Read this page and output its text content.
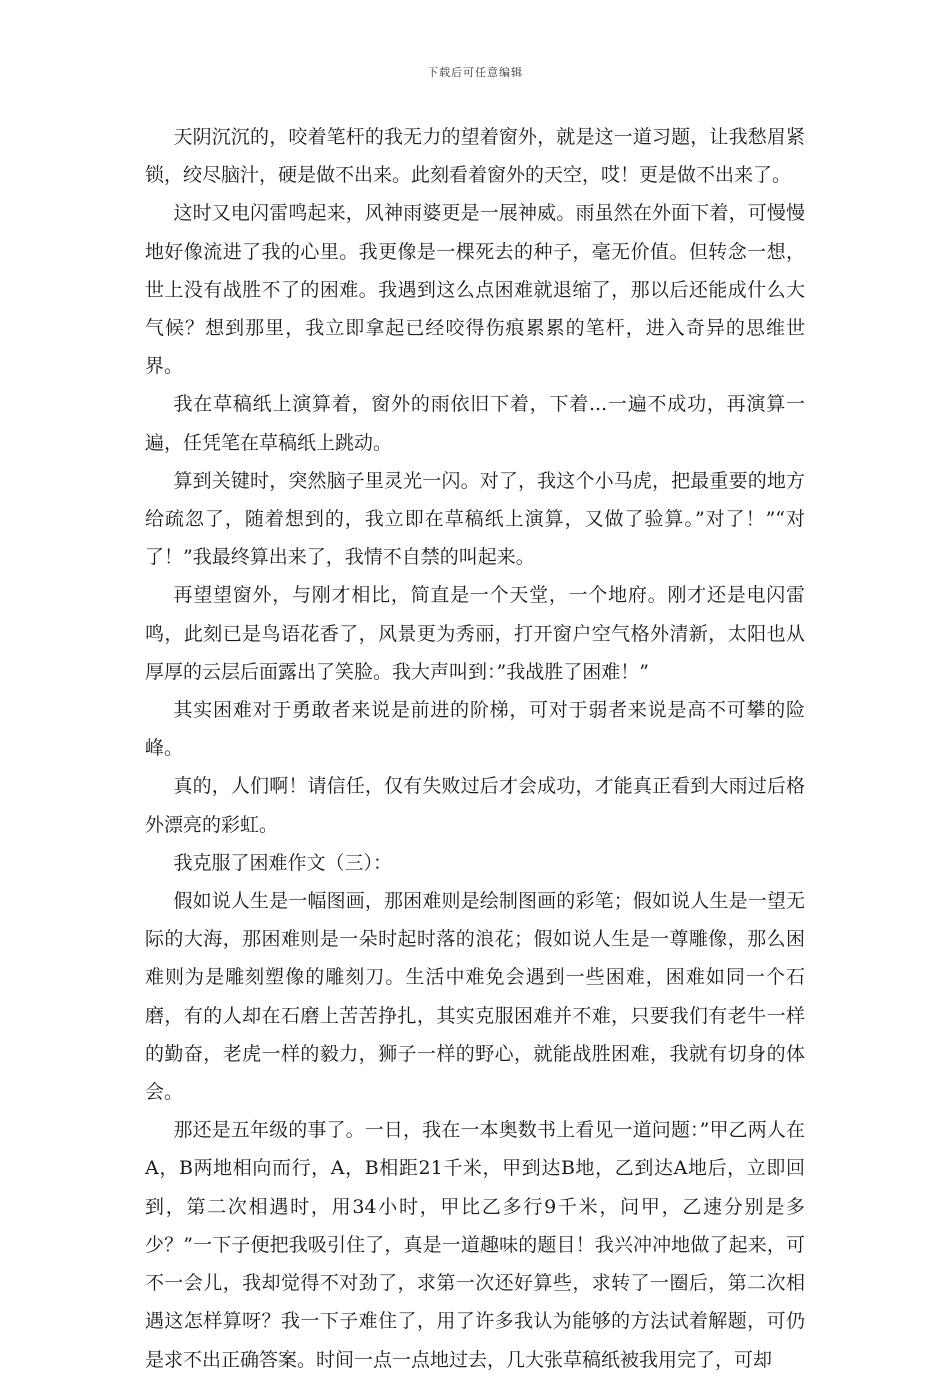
下载后可任意编辑

天阴沉沉的，咬着笔杆的我无力的望着窗外，就是这一道习题，让我愁眉紧锁，绞尽脑汁，硬是做不出来。此刻看着窗外的天空，哎！更是做不出来了。

这时又电闪雷鸣起来，风神雨婆更是一展神威。雨虽然在外面下着，可慢慢地好像流进了我的心里。我更像是一棵死去的种子，毫无价值。但转念一想，世上没有战胜不了的困难。我遇到这么点困难就退缩了，那以后还能成什么大气候？想到那里，我立即拿起已经咬得伤痕累累的笔杆，进入奇异的思维世界。

我在草稿纸上演算着，窗外的雨依旧下着，下着...一遍不成功，再演算一遍，任凭笔在草稿纸上跳动。

算到关键时，突然脑子里灵光一闪。对了，我这个小马虎，把最重要的地方给疏忽了，随着想到的，我立即在草稿纸上演算，又做了验算。”对了！”“对了！”我最终算出来了，我情不自禁的叫起来。

再望望窗外，与刚才相比，简直是一个天堂，一个地府。刚才还是电闪雷鸣，此刻已是鸟语花香了，风景更为秀丽，打开窗户空气格外清新，太阳也从厚厚的云层后面露出了笑脸。我大声叫到：”我战胜了困难！”

其实困难对于勇敢者来说是前进的阶梯，可对于弱者来说是高不可攀的险峰。

真的，人们啊！请信任，仅有失败过后才会成功，才能真正看到大雨过后格外漂亮的彩虹。

我克服了困难作文（三）：

假如说人生是一幅图画，那困难则是绘制图画的彩笔；假如说人生是一望无际的大海，那困难则是一朵时起时落的浪花；假如说人生是一尊雕像，那么困难则为是雕刻塑像的雕刻刀。生活中难免会遇到一些困难，困难如同一个石磨，有的人却在石磨上苦苦挣扎，其实克服困难并不难，只要我们有老牛一样的勤奋，老虎一样的毅力，狮子一样的野心，就能战胜困难，我就有切身的体会。

那还是五年级的事了。一日，我在一本奥数书上看见一道问题：”甲乙两人在A，B两地相向而行，A，B相距21千米，甲到达B地，乙到达A地后，立即回到，第二次相遇时，用34小时，甲比乙多行9千米，问甲，乙速分别是多少？”一下子便把我吸引住了，真是一道趣味的题目！我兴冲冲地做了起来，可不一会儿，我却觉得不对劲了，求第一次还好算些，求转了一圈后，第二次相遇这怎样算呀？我一下子难住了，用了许多我认为能够的方法试着解题，可仍是求不出正确答案。时间一点一点地过去，几大张草稿纸被我用完了，可却
